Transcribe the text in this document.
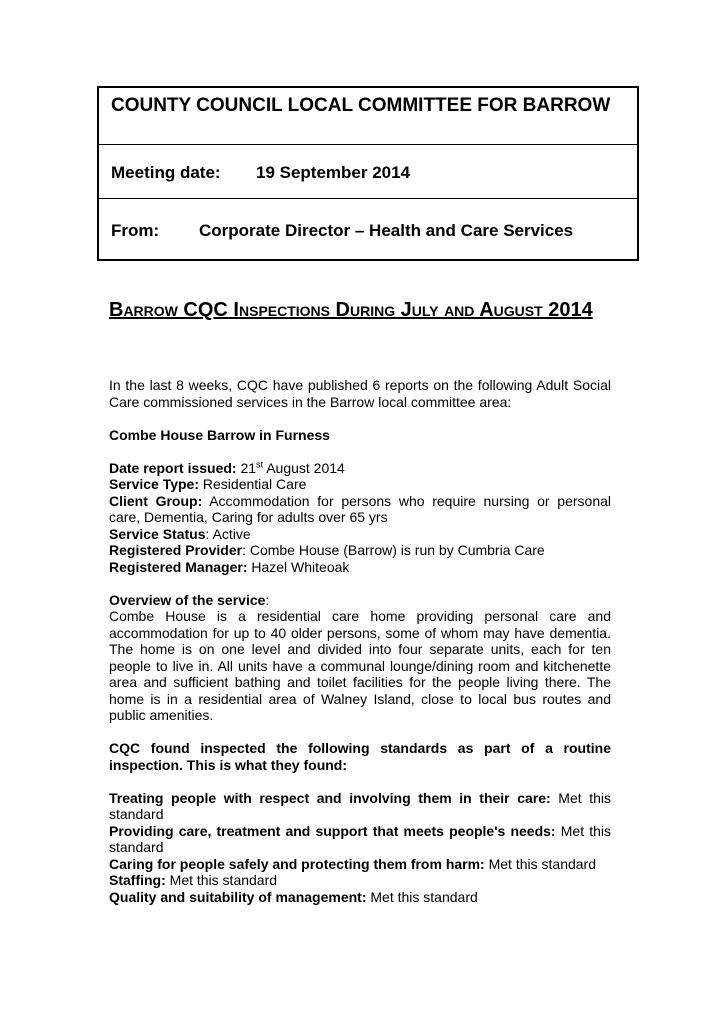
COUNTY COUNCIL LOCAL COMMITTEE FOR BARROW
Meeting date: 19 September 2014
From: Corporate Director – Health and Care Services
Barrow CQC Inspections During July and August 2014

In the last 8 weeks, CQC have published 6 reports on the following Adult Social Care commissioned services in the Barrow local committee area:

Combe House Barrow in Furness

Date report issued: 21st August 2014

Service Type: Residential Care

Client Group: Accommodation for persons who require nursing or personal care, Dementia, Caring for adults over 65 yrs

Service Status: Active

Registered Provider: Combe House (Barrow) is run by Cumbria Care

Registered Manager: Hazel Whiteoak

Overview of the service:

Combe House is a residential care home providing personal care and accommodation for up to 40 older persons, some of whom may have dementia. The home is on one level and divided into four separate units, each for ten people to live in. All units have a communal lounge/dining room and kitchenette area and sufficient bathing and toilet facilities for the people living there. The home is in a residential area of Walney Island, close to local bus routes and public amenities.

CQC found inspected the following standards as part of a routine inspection. This is what they found:

Treating people with respect and involving them in their care: Met this standard

Providing care, treatment and support that meets people's needs: Met this standard

Caring for people safely and protecting them from harm: Met this standard

Staffing: Met this standard

Quality and suitability of management: Met this standard
